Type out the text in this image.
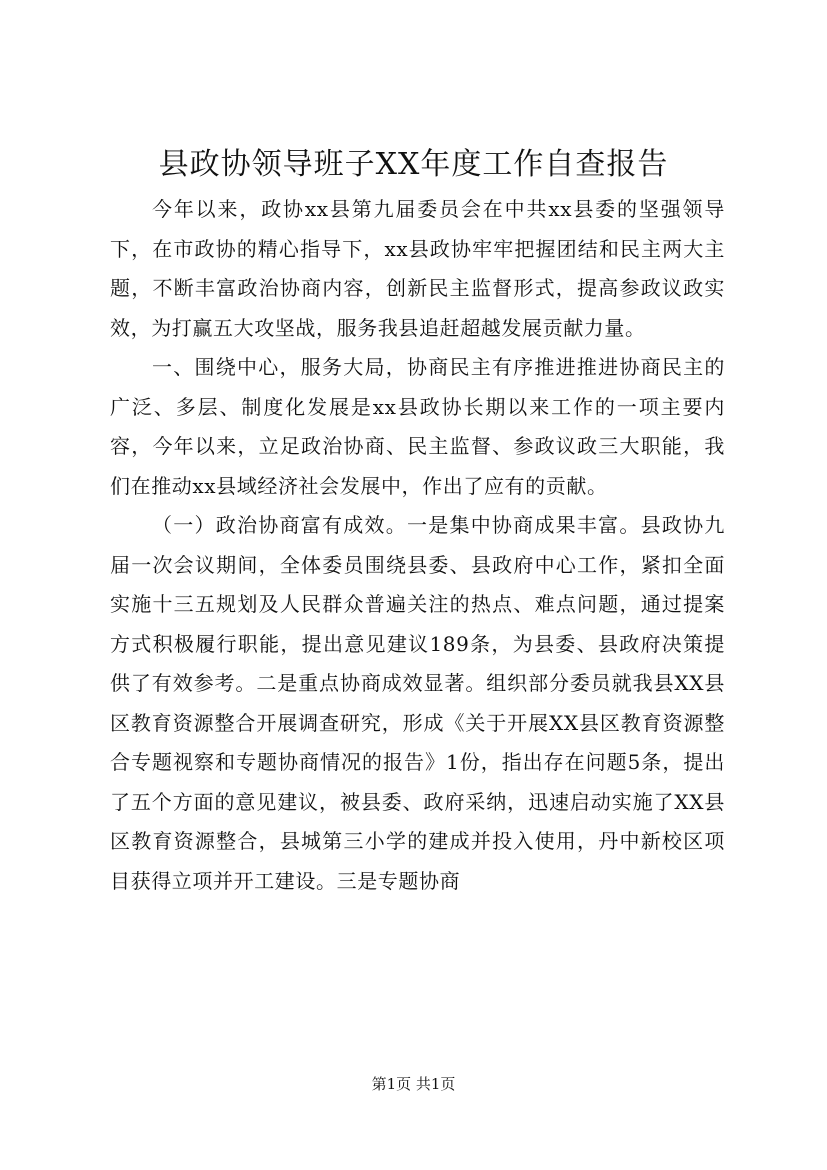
县政协领导班子XX年度工作自查报告

今年以来，政协xx县第九届委员会在中共xx县委的坚强领导下，在市政协的精心指导下，xx县政协牢牢把握团结和民主两大主题，不断丰富政治协商内容，创新民主监督形式，提高参政议政实效，为打赢五大攻坚战，服务我县追赶超越发展贡献力量。

一、围绕中心，服务大局，协商民主有序推进推进协商民主的广泛、多层、制度化发展是xx县政协长期以来工作的一项主要内容，今年以来，立足政治协商、民主监督、参政议政三大职能，我们在推动xx县域经济社会发展中，作出了应有的贡献。

（一）政治协商富有成效。一是集中协商成果丰富。县政协九届一次会议期间，全体委员围绕县委、县政府中心工作，紧扣全面实施十三五规划及人民群众普遍关注的热点、难点问题，通过提案方式积极履行职能，提出意见建议189条，为县委、县政府决策提供了有效参考。二是重点协商成效显著。组织部分委员就我县XX县区教育资源整合开展调查研究，形成《关于开展XX县区教育资源整合专题视察和专题协商情况的报告》1份，指出存在问题5条，提出了五个方面的意见建议，被县委、政府采纳，迅速启动实施了XX县区教育资源整合，县城第三小学的建成并投入使用，丹中新校区项目获得立项并开工建设。三是专题协商

第1页 共1页
